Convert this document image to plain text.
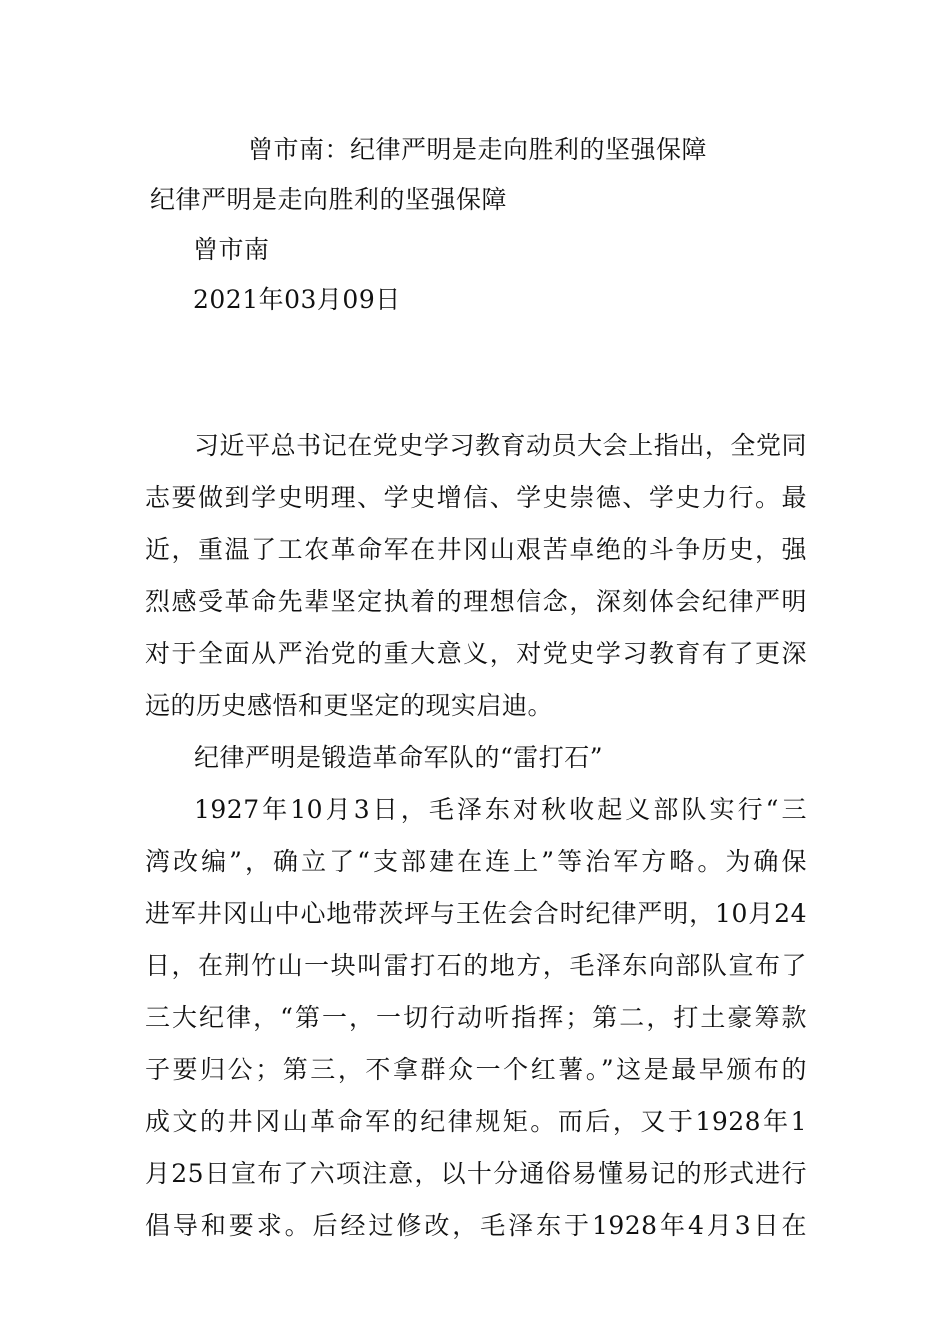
曾市南：纪律严明是走向胜利的坚强保障
纪律严明是走向胜利的坚强保障
曾市南
2021年03月09日
习近平总书记在党史学习教育动员大会上指出，全党同
志要做到学史明理、学史增信、学史崇德、学史力行。最
近，重温了工农革命军在井冈山艰苦卓绝的斗争历史，强
烈感受革命先辈坚定执着的理想信念，深刻体会纪律严明
对于全面从严治党的重大意义，对党史学习教育有了更深
远的历史感悟和更坚定的现实启迪。
纪律严明是锻造革命军队的“雷打石”
1927年10月3日，毛泽东对秋收起义部队实行“三
湾改编”，确立了“支部建在连上”等治军方略。为确保
进军井冈山中心地带茨坪与王佐会合时纪律严明，10月24
日，在荆竹山一块叫雷打石的地方，毛泽东向部队宣布了
三大纪律，“第一，一切行动听指挥；第二，打土豪筹款
子要归公；第三，不拿群众一个红薯。”这是最早颁布的
成文的井冈山革命军的纪律规矩。而后，又于1928年1
月25日宣布了六项注意，以十分通俗易懂易记的形式进行
倡导和要求。后经过修改，毛泽东于1928年4月3日在
